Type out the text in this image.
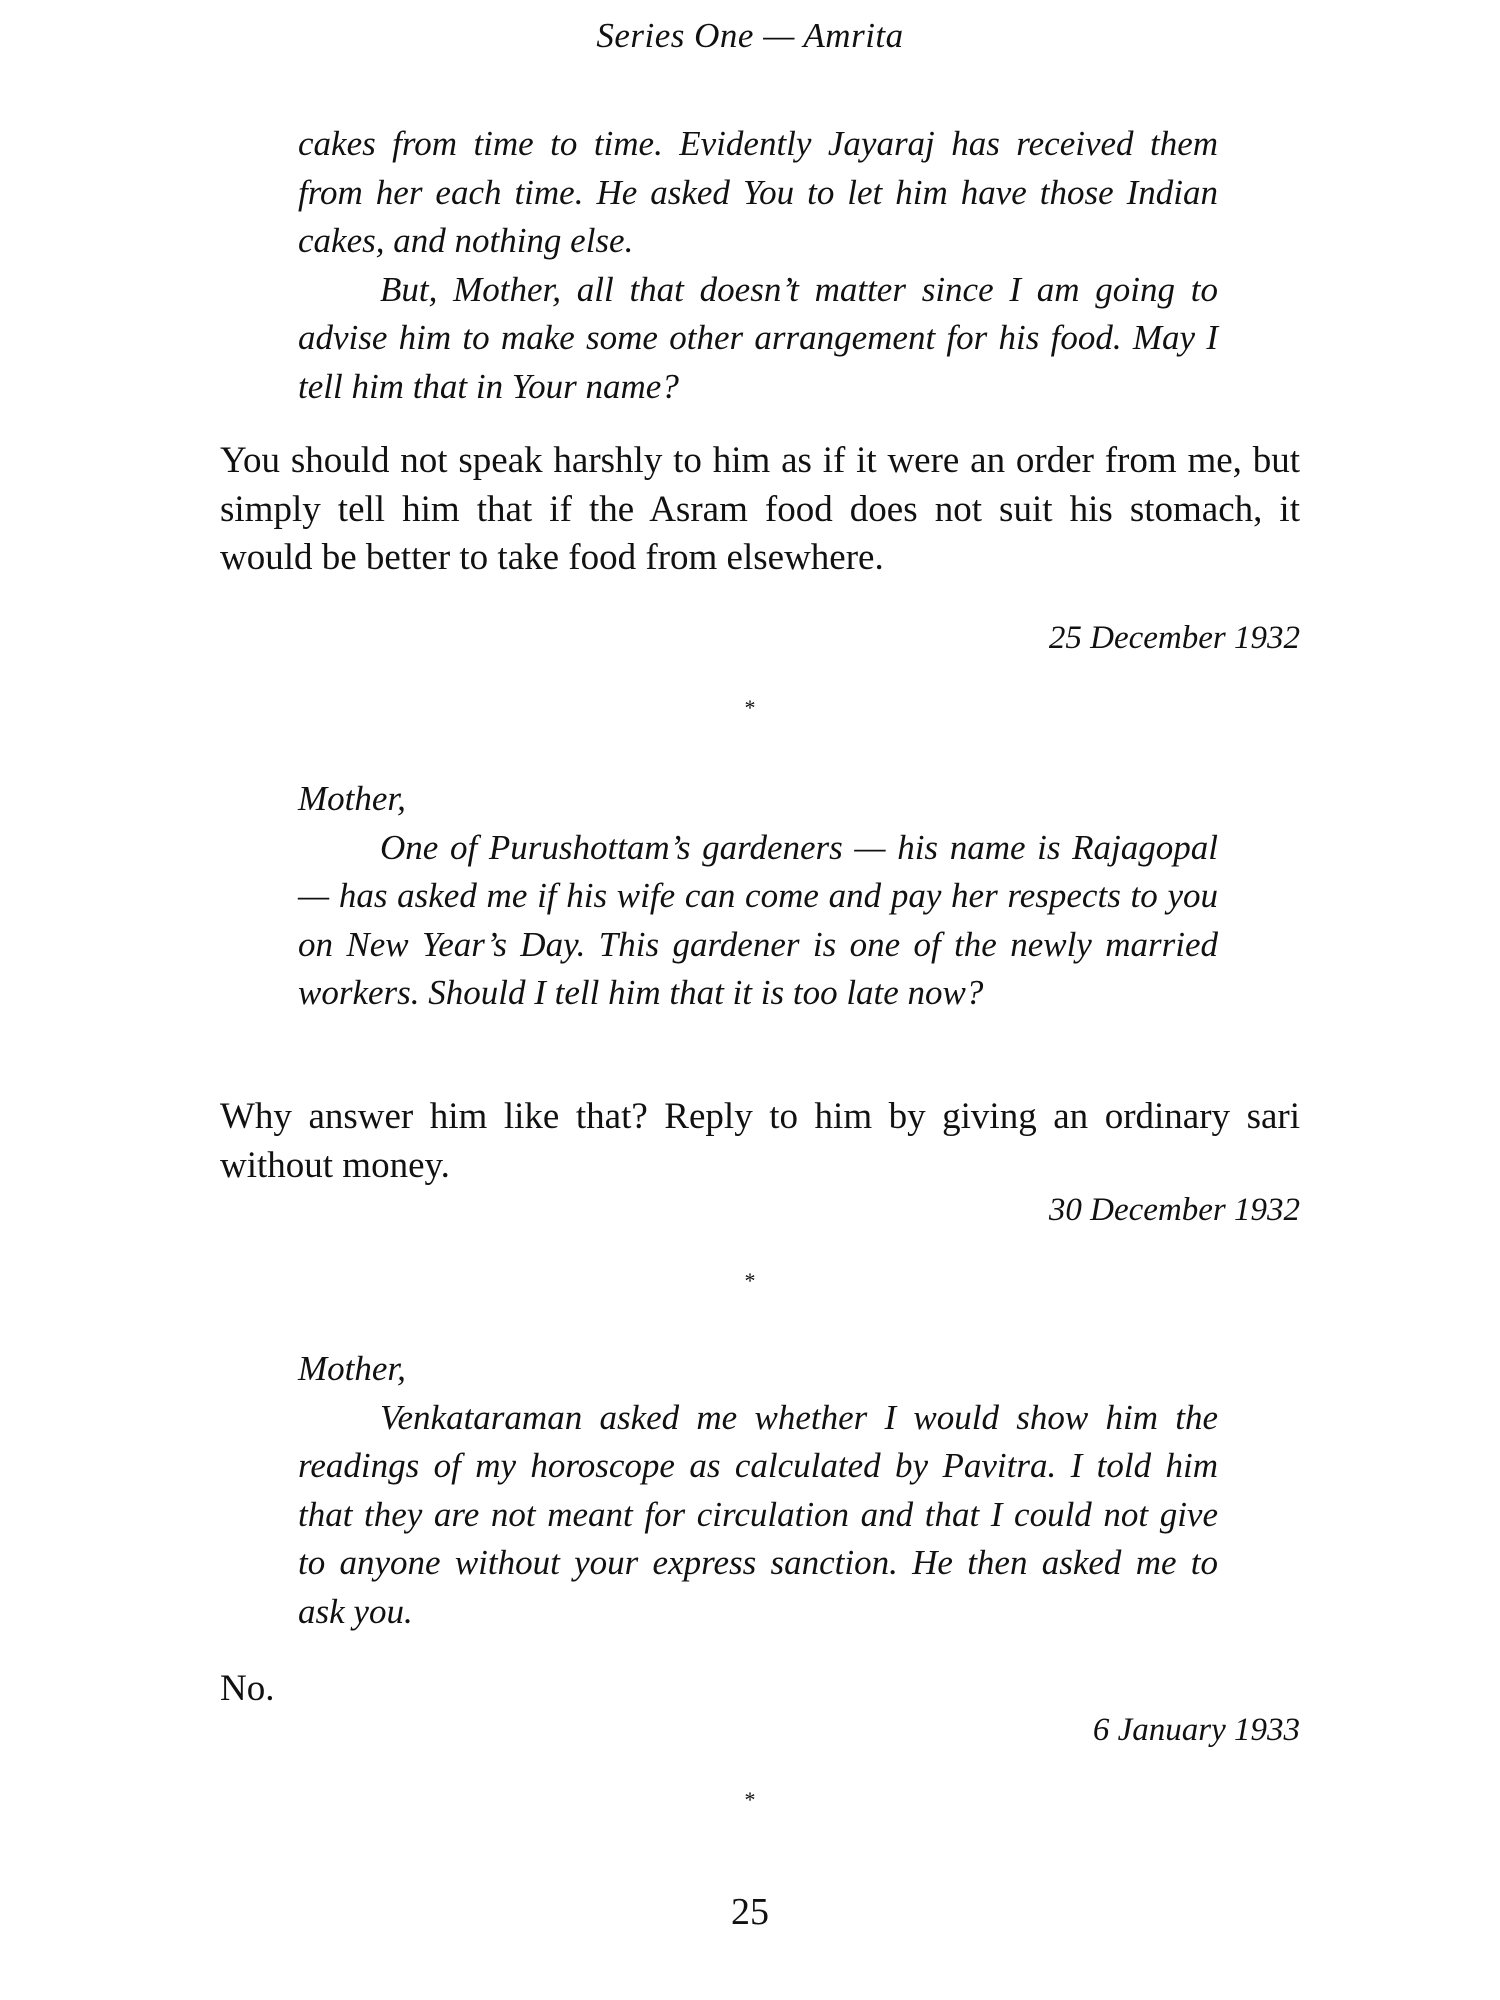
Series One — Amrita

cakes from time to time. Evidently Jayaraj has received them from her each time. He asked You to let him have those Indian cakes, and nothing else.

But, Mother, all that doesn’t matter since I am going to advise him to make some other arrangement for his food. May I tell him that in Your name?

You should not speak harshly to him as if it were an order from me, but simply tell him that if the Asram food does not suit his stomach, it would be better to take food from elsewhere.

25 December 1932
*

Mother,

One of Purushottam’s gardeners — his name is Rajagopal — has asked me if his wife can come and pay her respects to you on New Year’s Day. This gardener is one of the newly married workers. Should I tell him that it is too late now?

Why answer him like that? Reply to him by giving an ordinary sari without money.

30 December 1932
*

Mother,

Venkataraman asked me whether I would show him the readings of my horoscope as calculated by Pavitra. I told him that they are not meant for circulation and that I could not give to anyone without your express sanction. He then asked me to ask you.

No.

6 January 1933
*
25
